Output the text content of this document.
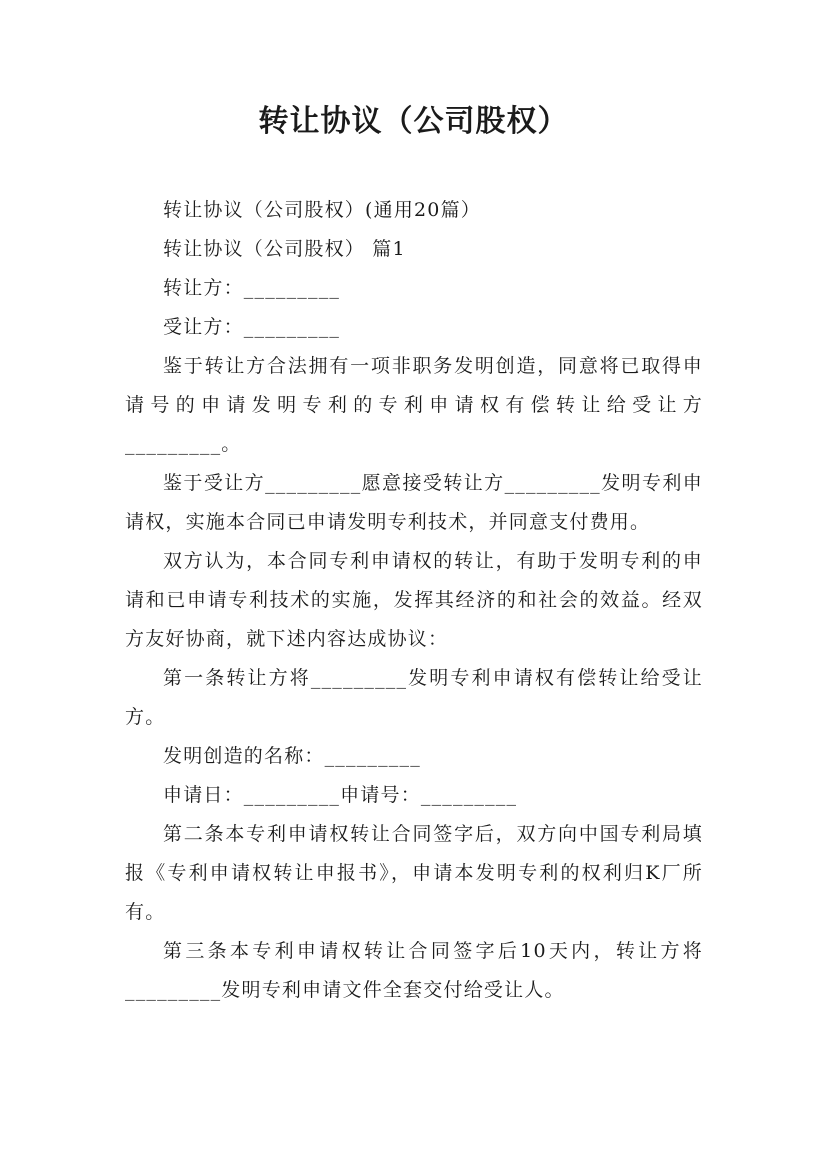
转让协议（公司股权）

转让协议（公司股权）(通用20篇）

转让协议（公司股权） 篇1

转让方：_________

受让方：_________

鉴于转让方合法拥有一项非职务发明创造，同意将已取得申请号的申请发明专利的专利申请权有偿转让给受让方_________。

鉴于受让方_________愿意接受转让方_________发明专利申请权，实施本合同已申请发明专利技术，并同意支付费用。

双方认为，本合同专利申请权的转让，有助于发明专利的申请和已申请专利技术的实施，发挥其经济的和社会的效益。经双方友好协商，就下述内容达成协议：

第一条转让方将_________发明专利申请权有偿转让给受让方。

发明创造的名称：_________

申请日：_________申请号：_________

第二条本专利申请权转让合同签字后，双方向中国专利局填报《专利申请权转让申报书》，申请本发明专利的权利归K厂所有。

第三条本专利申请权转让合同签字后10天内，转让方将_________发明专利申请文件全套交付给受让人。
